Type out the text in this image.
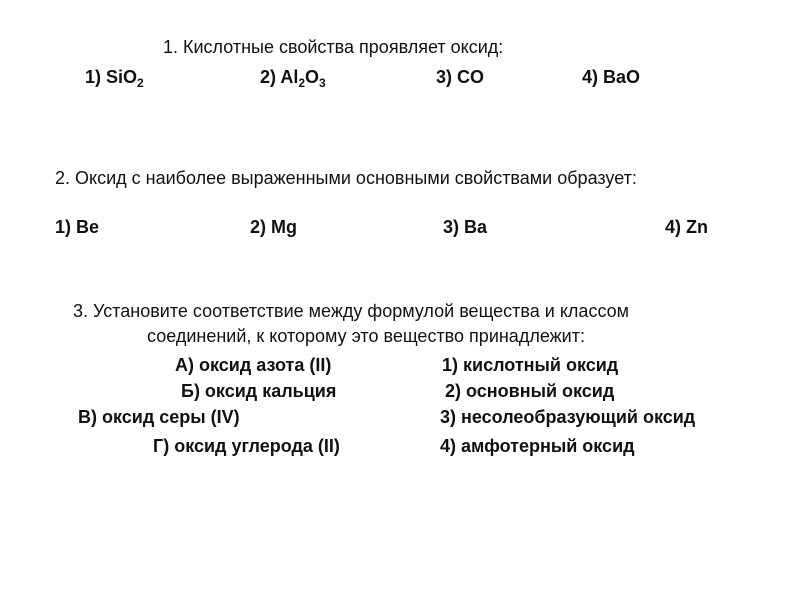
1. Кислотные свойства проявляет оксид:
1) SiO$_2$	2) $Al_2O_3$	3) CO	4) BaO
2. Оксид с наиболее выраженными основными свойствами образует:
1) Be	2) Mg	3) Ba	4) Zn
3. Установите соответствие между формулой вещества и классом
соединений, к которому это вещество принадлежит:
А) оксид азота (II)	1) кислотный оксид
Б) оксид кальция	2) основный оксид
В) оксид серы (IV)	3) несолеобразующий оксид
Г) оксид углерода (II)	4) амфотерный оксид
